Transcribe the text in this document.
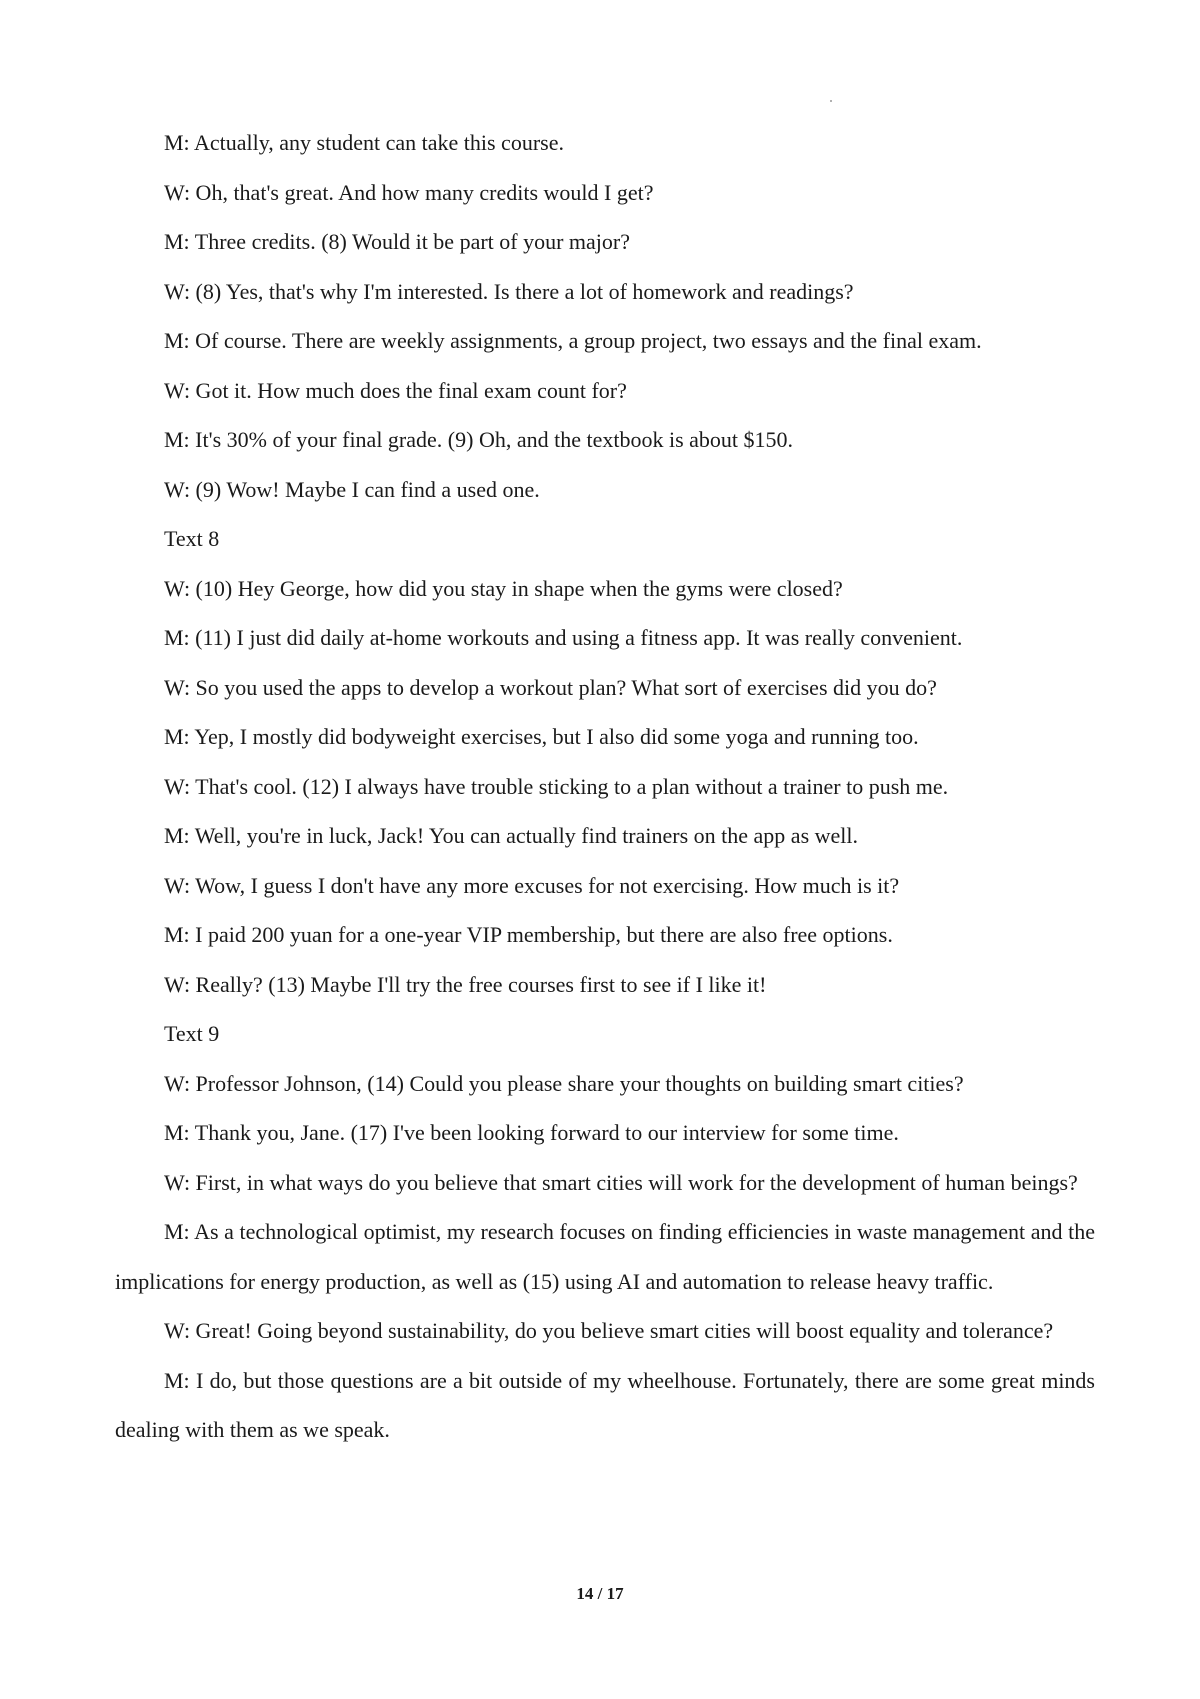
M: Actually, any student can take this course.

W: Oh, that's great. And how many credits would I get?

M: Three credits. (8) Would it be part of your major?

W: (8) Yes, that's why I'm interested. Is there a lot of homework and readings?

M: Of course. There are weekly assignments, a group project, two essays and the final exam.

W: Got it. How much does the final exam count for?

M: It's 30% of your final grade. (9) Oh, and the textbook is about $150.

W: (9) Wow! Maybe I can find a used one.

Text 8

W: (10) Hey George, how did you stay in shape when the gyms were closed?

M: (11) I just did daily at-home workouts and using a fitness app. It was really convenient.

W: So you used the apps to develop a workout plan? What sort of exercises did you do?

M: Yep, I mostly did bodyweight exercises, but I also did some yoga and running too.

W: That's cool. (12) I always have trouble sticking to a plan without a trainer to push me.

M: Well, you're in luck, Jack! You can actually find trainers on the app as well.

W: Wow, I guess I don't have any more excuses for not exercising. How much is it?

M: I paid 200 yuan for a one-year VIP membership, but there are also free options.

W: Really? (13) Maybe I'll try the free courses first to see if I like it!

Text 9

W: Professor Johnson, (14) Could you please share your thoughts on building smart cities?

M: Thank you, Jane. (17) I've been looking forward to our interview for some time.

W: First, in what ways do you believe that smart cities will work for the development of human beings?

M: As a technological optimist, my research focuses on finding efficiencies in waste management and the implications for energy production, as well as (15) using AI and automation to release heavy traffic.

W: Great! Going beyond sustainability, do you believe smart cities will boost equality and tolerance?

M: I do, but those questions are a bit outside of my wheelhouse. Fortunately, there are some great minds dealing with them as we speak.

14 / 17
